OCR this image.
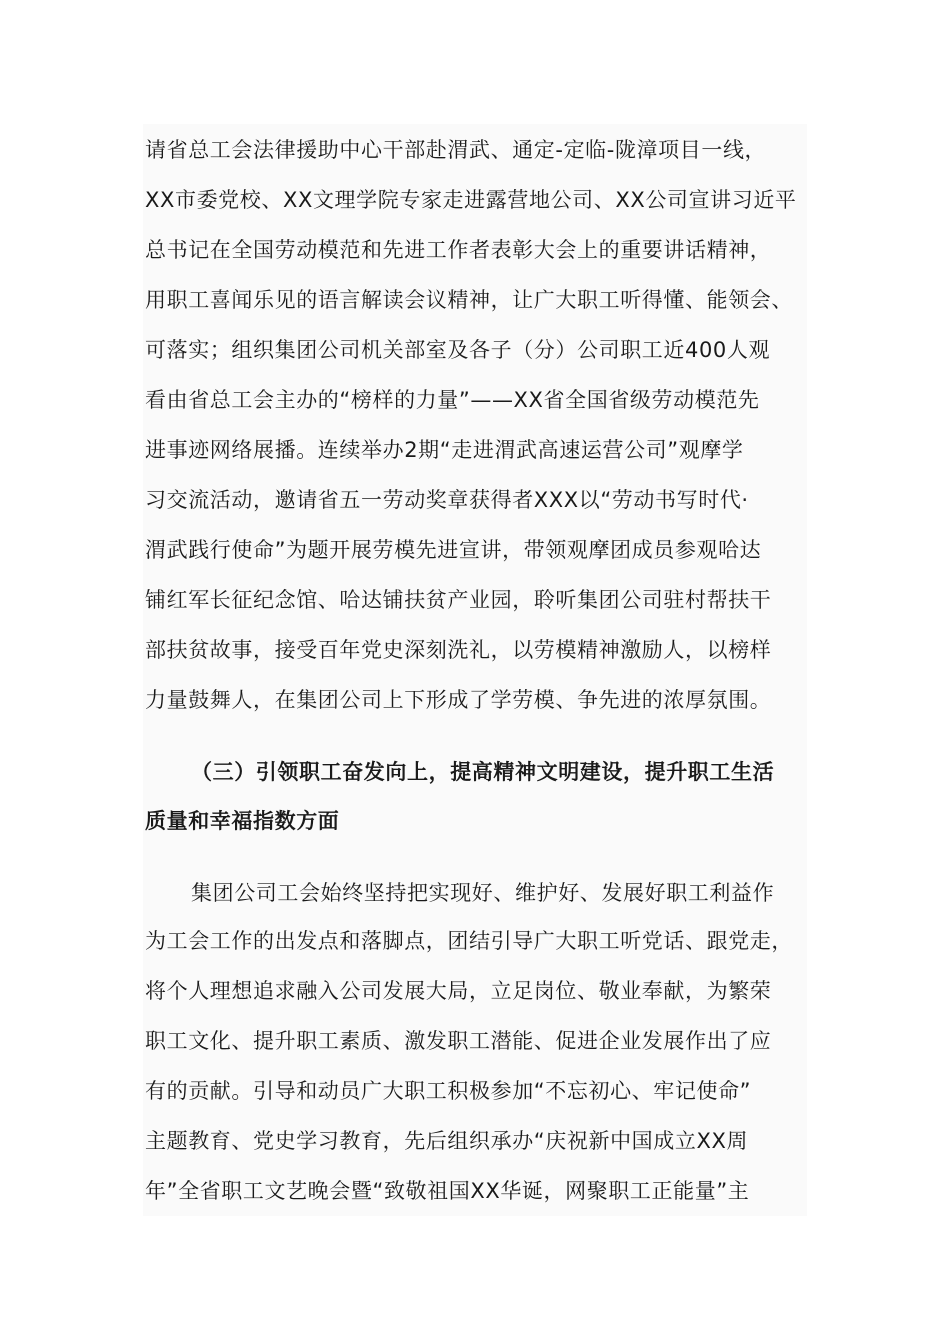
请省总工会法律援助中心干部赴渭武、通定-定临-陇漳项目一线，
XX市委党校、XX文理学院专家走进露营地公司、XX公司宣讲习近平
总书记在全国劳动模范和先进工作者表彰大会上的重要讲话精神，
用职工喜闻乐见的语言解读会议精神，让广大职工听得懂、能领会、
可落实；组织集团公司机关部室及各子（分）公司职工近400人观
看由省总工会主办的“榜样的力量”——XX省全国省级劳动模范先
进事迹网络展播。连续举办2期“走进渭武高速运营公司”观摩学
习交流活动，邀请省五一劳动奖章获得者XXX以“劳动书写时代·
渭武践行使命”为题开展劳模先进宣讲，带领观摩团成员参观哈达
铺红军长征纪念馆、哈达铺扶贫产业园，聆听集团公司驻村帮扶干
部扶贫故事，接受百年党史深刻洗礼，以劳模精神激励人，以榜样
力量鼓舞人，在集团公司上下形成了学劳模、争先进的浓厚氛围。
（三）引领职工奋发向上，提高精神文明建设，提升职工生活
质量和幸福指数方面
集团公司工会始终坚持把实现好、维护好、发展好职工利益作
为工会工作的出发点和落脚点，团结引导广大职工听党话、跟党走，
将个人理想追求融入公司发展大局，立足岗位、敬业奉献，为繁荣
职工文化、提升职工素质、激发职工潜能、促进企业发展作出了应
有的贡献。引导和动员广大职工积极参加“不忘初心、牢记使命”
主题教育、党史学习教育，先后组织承办“庆祝新中国成立XX周
年”全省职工文艺晚会暨“致敬祖国XX华诞，网聚职工正能量”主
